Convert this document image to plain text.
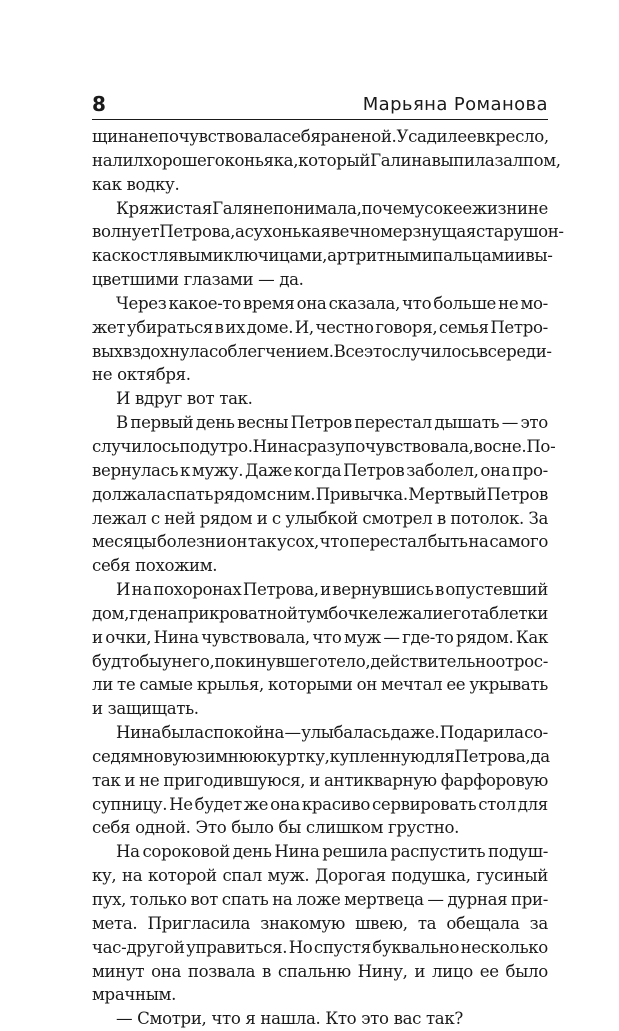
8	Марьяна Романова
щина не почувствовала себя раненой. Усадил ее в кресло,
налил хорошего коньяка, который Галина выпила залпом,
как водку.
Кряжистая Галя не понимала, почему сок ее жизни не
волнует Петрова, а сухонькая вечно мерзнущая старушон-
ка с костлявыми ключицами, артритными пальцами и вы-
цветшими глазами — да.
Через какое-то время она сказала, что больше не мо-
жет убираться в их доме. И, честно говоря, семья Петро-
вых вздохнула с облегчением. Все это случилось в середи-
не октября.
И вдруг вот так.
В первый день весны Петров перестал дышать — это
случилось под утро. Нина сразу почувствовала, во сне. По-
вернулась к мужу. Даже когда Петров заболел, она про-
должала спать рядом с ним. Привычка. Мертвый Петров
лежал с ней рядом и с улыбкой смотрел в потолок. За
месяцы болезни он так усох, что перестал быть на самого
себя похожим.
И на похоронах Петрова, и вернувшись в опустевший
дом, где на прикроватной тумбочке лежали его таблетки
и очки, Нина чувствовала, что муж — где-то рядом. Как
будто бы у него, покинувшего тело, действительно отрос-
ли те самые крылья, которыми он мечтал ее укрывать
и защищать.
Нина была спокойна — улыбалась даже. Подарила со-
седям новую зимнюю куртку, купленную для Петрова, да
так и не пригодившуюся, и антикварную фарфоровую
супницу. Не будет же она красиво сервировать стол для
себя одной. Это было бы слишком грустно.
На сороковой день Нина решила распустить подуш-
ку, на которой спал муж. Дорогая подушка, гусиный
пух, только вот спать на ложе мертвеца — дурная при-
мета. Пригласила знакомую швею, та обещала за
час-другой управиться. Но спустя буквально несколько
минут она позвала в спальню Нину, и лицо ее было
мрачным.
— Смотри, что я нашла. Кто это вас так?
